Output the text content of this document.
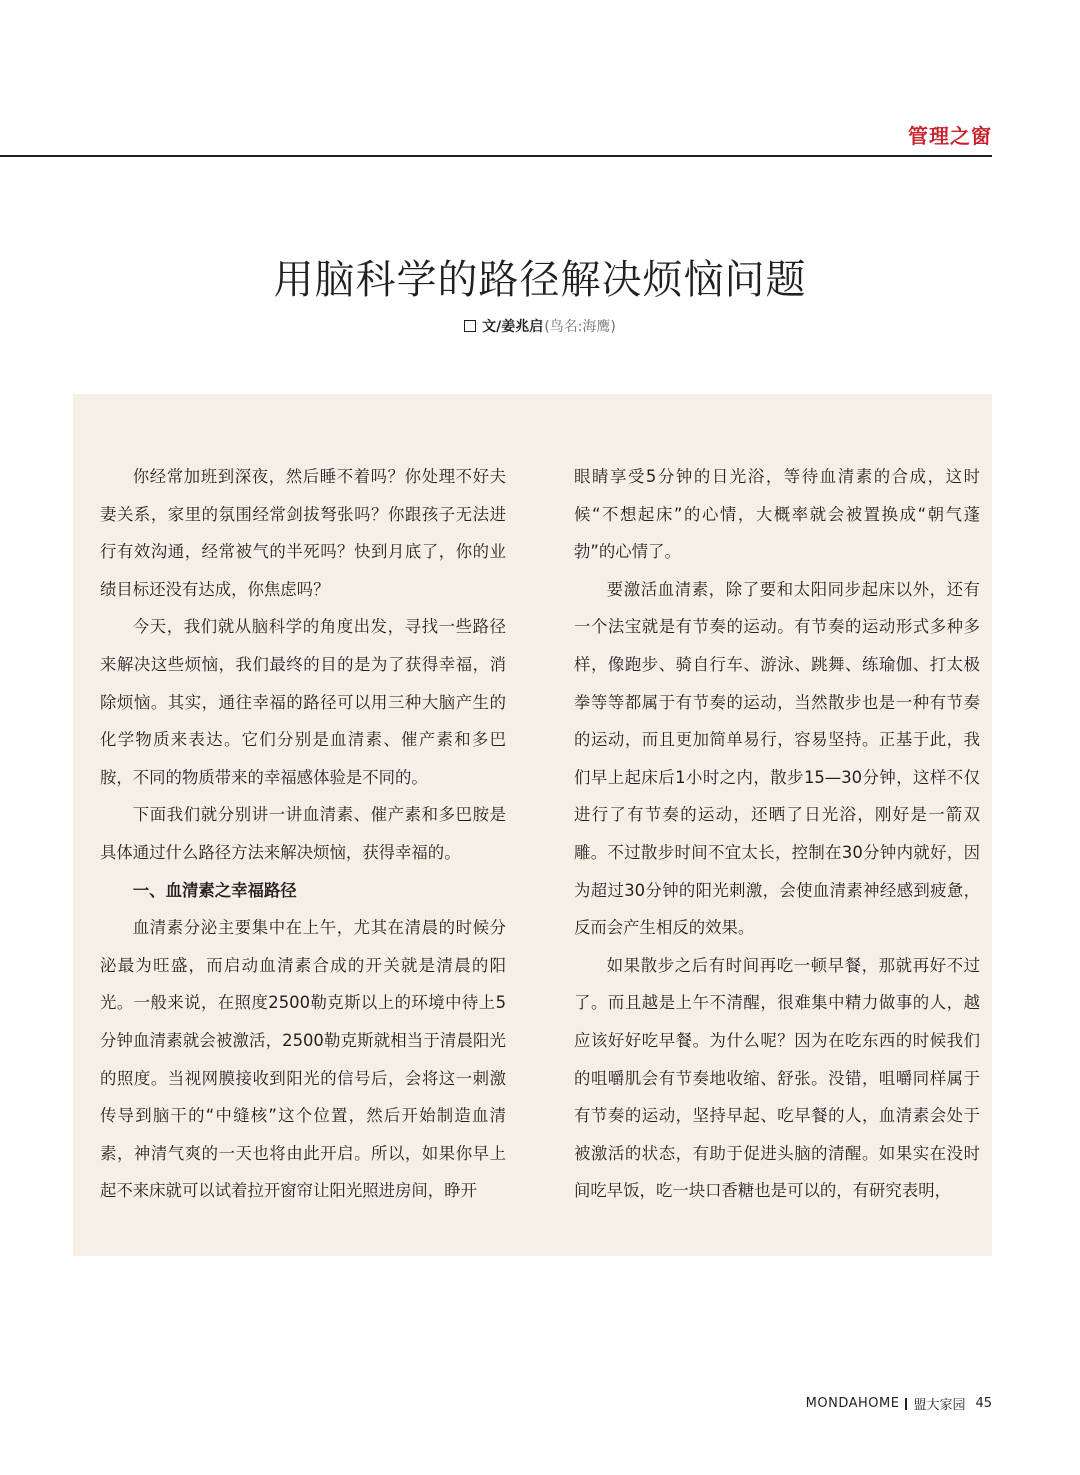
管理之窗
用脑科学的路径解决烦恼问题
文/姜兆启 (鸟名:海鹰)

你经常加班到深夜，然后睡不着吗？你处理不好夫妻关系，家里的氛围经常剑拔弩张吗？你跟孩子无法进行有效沟通，经常被气的半死吗？快到月底了，你的业绩目标还没有达成，你焦虑吗？

今天，我们就从脑科学的角度出发，寻找一些路径来解决这些烦恼，我们最终的目的是为了获得幸福，消除烦恼。其实，通往幸福的路径可以用三种大脑产生的化学物质来表达。它们分别是血清素、催产素和多巴胺，不同的物质带来的幸福感体验是不同的。

下面我们就分别讲一讲血清素、催产素和多巴胺是具体通过什么路径方法来解决烦恼，获得幸福的。

一、血清素之幸福路径

血清素分泌主要集中在上午，尤其在清晨的时候分泌最为旺盛，而启动血清素合成的开关就是清晨的阳光。一般来说，在照度2500勒克斯以上的环境中待上5分钟血清素就会被激活，2500勒克斯就相当于清晨阳光的照度。当视网膜接收到阳光的信号后，会将这一刺激传导到脑干的“中缝核”这个位置，然后开始制造血清素，神清气爽的一天也将由此开启。所以，如果你早上起不来床就可以试着拉开窗帘让阳光照进房间，睁开

眼睛享受5分钟的日光浴，等待血清素的合成，这时候“不想起床”的心情，大概率就会被置换成“朝气蓬勃”的心情了。

要激活血清素，除了要和太阳同步起床以外，还有一个法宝就是有节奏的运动。有节奏的运动形式多种多样，像跑步、骑自行车、游泳、跳舞、练瑜伽、打太极拳等等都属于有节奏的运动，当然散步也是一种有节奏的运动，而且更加简单易行，容易坚持。正基于此，我们早上起床后1小时之内，散步15—30分钟，这样不仅进行了有节奏的运动，还晒了日光浴，刚好是一箭双雕。不过散步时间不宜太长，控制在30分钟内就好，因为超过30分钟的阳光刺激，会使血清素神经感到疲惫，反而会产生相反的效果。

如果散步之后有时间再吃一顿早餐，那就再好不过了。而且越是上午不清醒，很难集中精力做事的人，越应该好好吃早餐。为什么呢？因为在吃东西的时候我们的咀嚼肌会有节奏地收缩、舒张。没错，咀嚼同样属于有节奏的运动，坚持早起、吃早餐的人，血清素会处于被激活的状态，有助于促进头脑的清醒。如果实在没时间吃早饭，吃一块口香糖也是可以的，有研究表明，

MONDAHOME 盟大家园 45
